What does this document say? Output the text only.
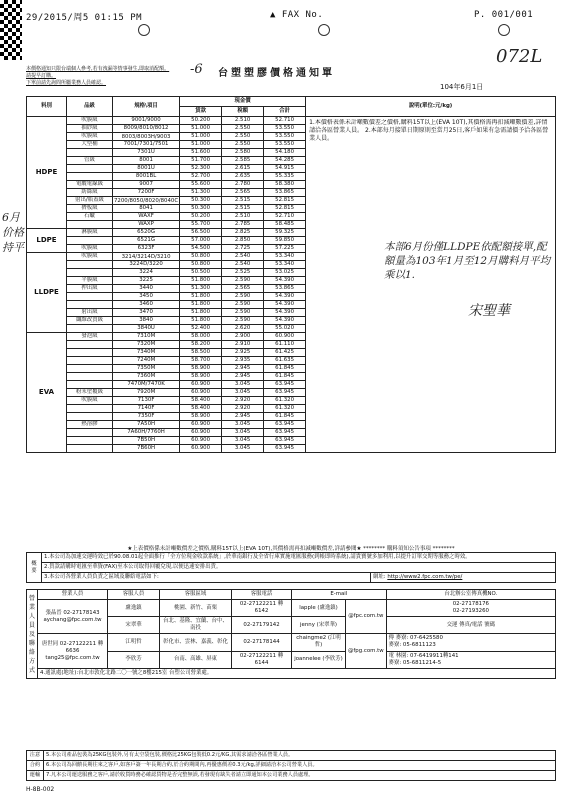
29/2015/周5 01:15 PM	▲ FAX No.	P. 001/001
072L
-6
本價格通知只限台端個人參考,若有洩漏等情事發生,即取消配額。
請提早訂購。
下單前請先詢問所屬業務人員確認。
台塑塑膠價格通知單
104年6月1日
6月
价格
持平
料別	品級	規格\項目	現金價			說明(單位:元/kg)
			貨款	稅額	合計	
HDPE	吹膜級	9001/9000	50.200	2.510	52.710	1.本價格表係未計噸數價差之價格,購料15T以上(EVA 10T),其價格需再扣減噸數價差,詳情請洽各區營業人員。 2.本部每月接單日期原則至當月25日,客戶如果有急需請價予洽各區營業人員。

	抽紗級	8009/8010/8012	51.000	2.550	53.550	
	吹膜級	8003/8003H/9003	51.000	2.550	53.550	
	大型桶	7001/7301/7501	51.000	2.550	53.550	
		7301U	51.600	2.580	54.180	
	管級	8001	51.700	2.585	54.285	
		8001U	52.300	2.615	54.915	
		8001BL	52.700	2.635	55.335	
	電纜電線級	9007	55.600	2.780	58.380	
	紡絲級	7200F	51.300	2.565	53.865	
	射出/瓶蓋級	7200/8050/8020/8040C	50.300	2.515	52.815	
	擠板級	8041	50.300	2.515	52.815	
	石蠟	WAXF	50.200	2.510	52.710	
		WAXP	55.700	2.785	58.485	
LDPE	淋膜級	6520G	56.500	2.825	59.325	
		6521G	57.000	2.850	59.850	
	吹膜級	6323F	54.500	2.725	57.225	
LLDPE	吹膜級	3214/3214D/3210	50.800	2.540	53.340	
		3224D/3220	50.800	2.540	53.340	
		3224	50.500	2.525	53.025	
	平膜級	3225	51.800	2.590	54.390	
	押出級	3440	51.300	2.565	53.865	
		3450	51.800	2.590	54.390	
		3460	51.800	2.590	54.390	
	射出級	3470	51.800	2.590	54.390	
	纖維改質級	3840	51.800	2.590	54.390	
		3840U	52.400	2.620	55.020	
EVA	發泡級	7310M	58.000	2.900	60.900	
		7320M	58.200	2.910	61.110	
		7340M	58.500	2.925	61.425	
		7240M	58.700	2.935	61.635	
		7350M	58.900	2.945	61.845	
		7360M	58.900	2.945	61.845	
		7470M/7470K	60.900	3.045	63.945	
	粉末塗覆級	7920M	60.900	3.045	63.945	
	吹膜級	7130F	58.400	2.920	61.320	
		7140F	58.400	2.920	61.320	
		7350F	58.900	2.945	61.845	
	熱溶膠	7A50H	60.900	3.045	63.945	
		7A60H/7760H	60.900	3.045	63.945	
		7B50H	60.900	3.045	63.945	
		7B60H	60.900	3.045	63.945	
本部6月份僅LLDPE依配額接單,配額量為103年1月至12月購料月平均乘以1.
宋聖華
★上表價格係未計噸數價差之價格,購料15T以上(EVA 10T),其價格需再扣減噸數價差,詳請參閱★ ******** 購料須知公告事項 ********
概要	1.本公司為加速交運時效已於90.08.01起全面推行「全方位現金收款系統」,於華南銀行及全省行庫實施電匯服務(到帳即時系統),請貴寶號多加利用,以提升訂單交期等服務之時效。	
	2.貨款請購時電匯至華資(FAX)至本公司取得回覆兌現,以便迅速安排出貨。	
	3.本公司各營業人員負責之區域及聯絡電話如下:	網址: http://www2.fpc.com.tw/pe/
營業人員及聯絡方式	營業人員	客服人員	客服區域	客服電話	E-mail		台北辦公室傳真機NO.
	張晶晉 02-27178143 aychang@fpc.com.tw	盧逸鎮	桃園、新竹、苗栗	02-27122211 轉6142	lapple (盧逸鎮)	@fpc.com.tw	02-27178176
02-27193260

		宋翠華	台北、基隆、宜蘭、台中、南投	02-27179142	jenny (宋翠華)		交運 傳真/電話 號碼
	唐世同 02-27122211 轉6636 tang25@fpc.com.tw	江明哲	彰化市、雲林、嘉義、彰化	02-27178144	chaingme2 (江明哲)	@fpg.com.tw	傳 麥寮: 07-6425580
麥寮: 05-6811123
		李欣芳	台南、高雄、屏東	02-27122211 轉6144	joannelee (李欣芳)		電 林園: 07-6419911轉141
麥寮: 05-6811214-5
	4.通訊處(地址):台北市敦化北路二〇一號之8樓215室 台塑公司營業處。						
注意	5.本公司產品包裝為25KG包裝外,另有太空袋包裝,價格比25KG包裝低0.2元/KG,其需求請洽各區營業人員。
合約	6.本公司為回饋長期往來之客戶,如客戶簽一年長期合約,於合約期間內,再優惠價差0.3元/kg,詳細請洽本公司營業人員。
運輸	7.凡本公司運送服務之客戶,請於收貨時務必確認貨物是否完整無誤,若發現有缺失者請立即通知本公司業務人員處理。
H-8B-002
